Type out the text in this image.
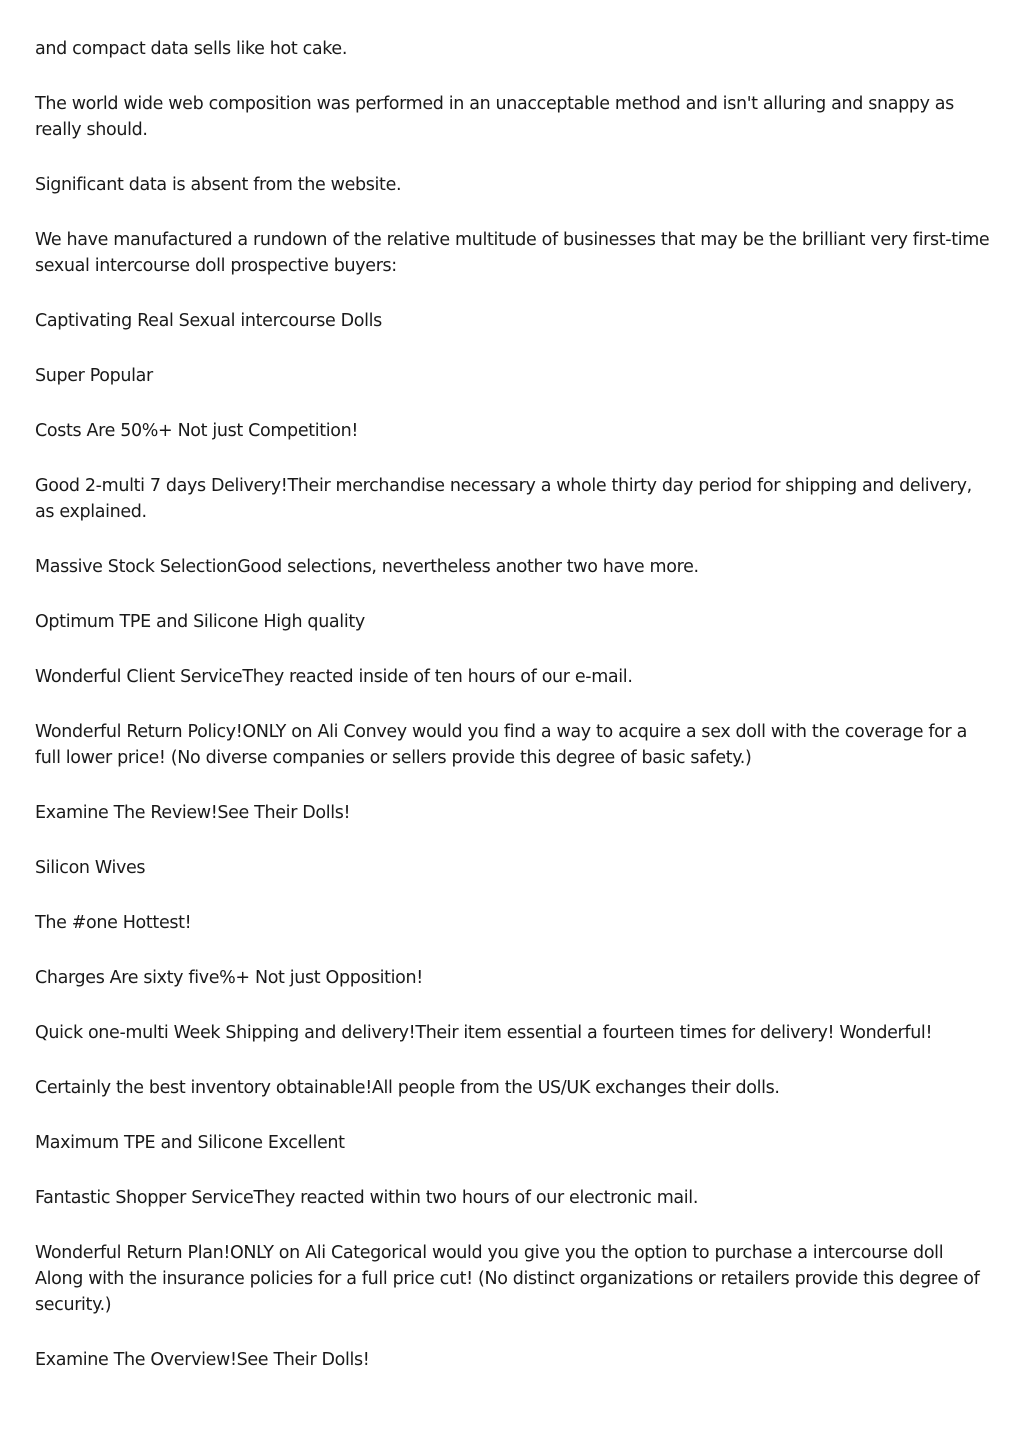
and compact data sells like hot cake.

The world wide web composition was performed in an unacceptable method and isn't alluring and snappy as really should.

Significant data is absent from the website.

We have manufactured a rundown of the relative multitude of businesses that may be the brilliant very first-time sexual intercourse doll prospective buyers:

Captivating Real Sexual intercourse Dolls

Super Popular

Costs Are 50%+ Not just Competition!

Good 2-multi 7 days Delivery!Their merchandise necessary a whole thirty day period for shipping and delivery, as explained.

Massive Stock SelectionGood selections, nevertheless another two have more.

Optimum TPE and Silicone High quality

Wonderful Client ServiceThey reacted inside of ten hours of our e-mail.

Wonderful Return Policy!ONLY on Ali Convey would you find a way to acquire a sex doll with the coverage for a full lower price! (No diverse companies or sellers provide this degree of basic safety.)

Examine The Review!See Their Dolls!

Silicon Wives

The #one Hottest!

Charges Are sixty five%+ Not just Opposition!

Quick one-multi Week Shipping and delivery!Their item essential a fourteen times for delivery! Wonderful!

Certainly the best inventory obtainable!All people from the US/UK exchanges their dolls.

Maximum TPE and Silicone Excellent

Fantastic Shopper ServiceThey reacted within two hours of our electronic mail.

Wonderful Return Plan!ONLY on Ali Categorical would you give you the option to purchase a intercourse doll Along with the insurance policies for a full price cut! (No distinct organizations or retailers provide this degree of security.)

Examine The Overview!See Their Dolls!
